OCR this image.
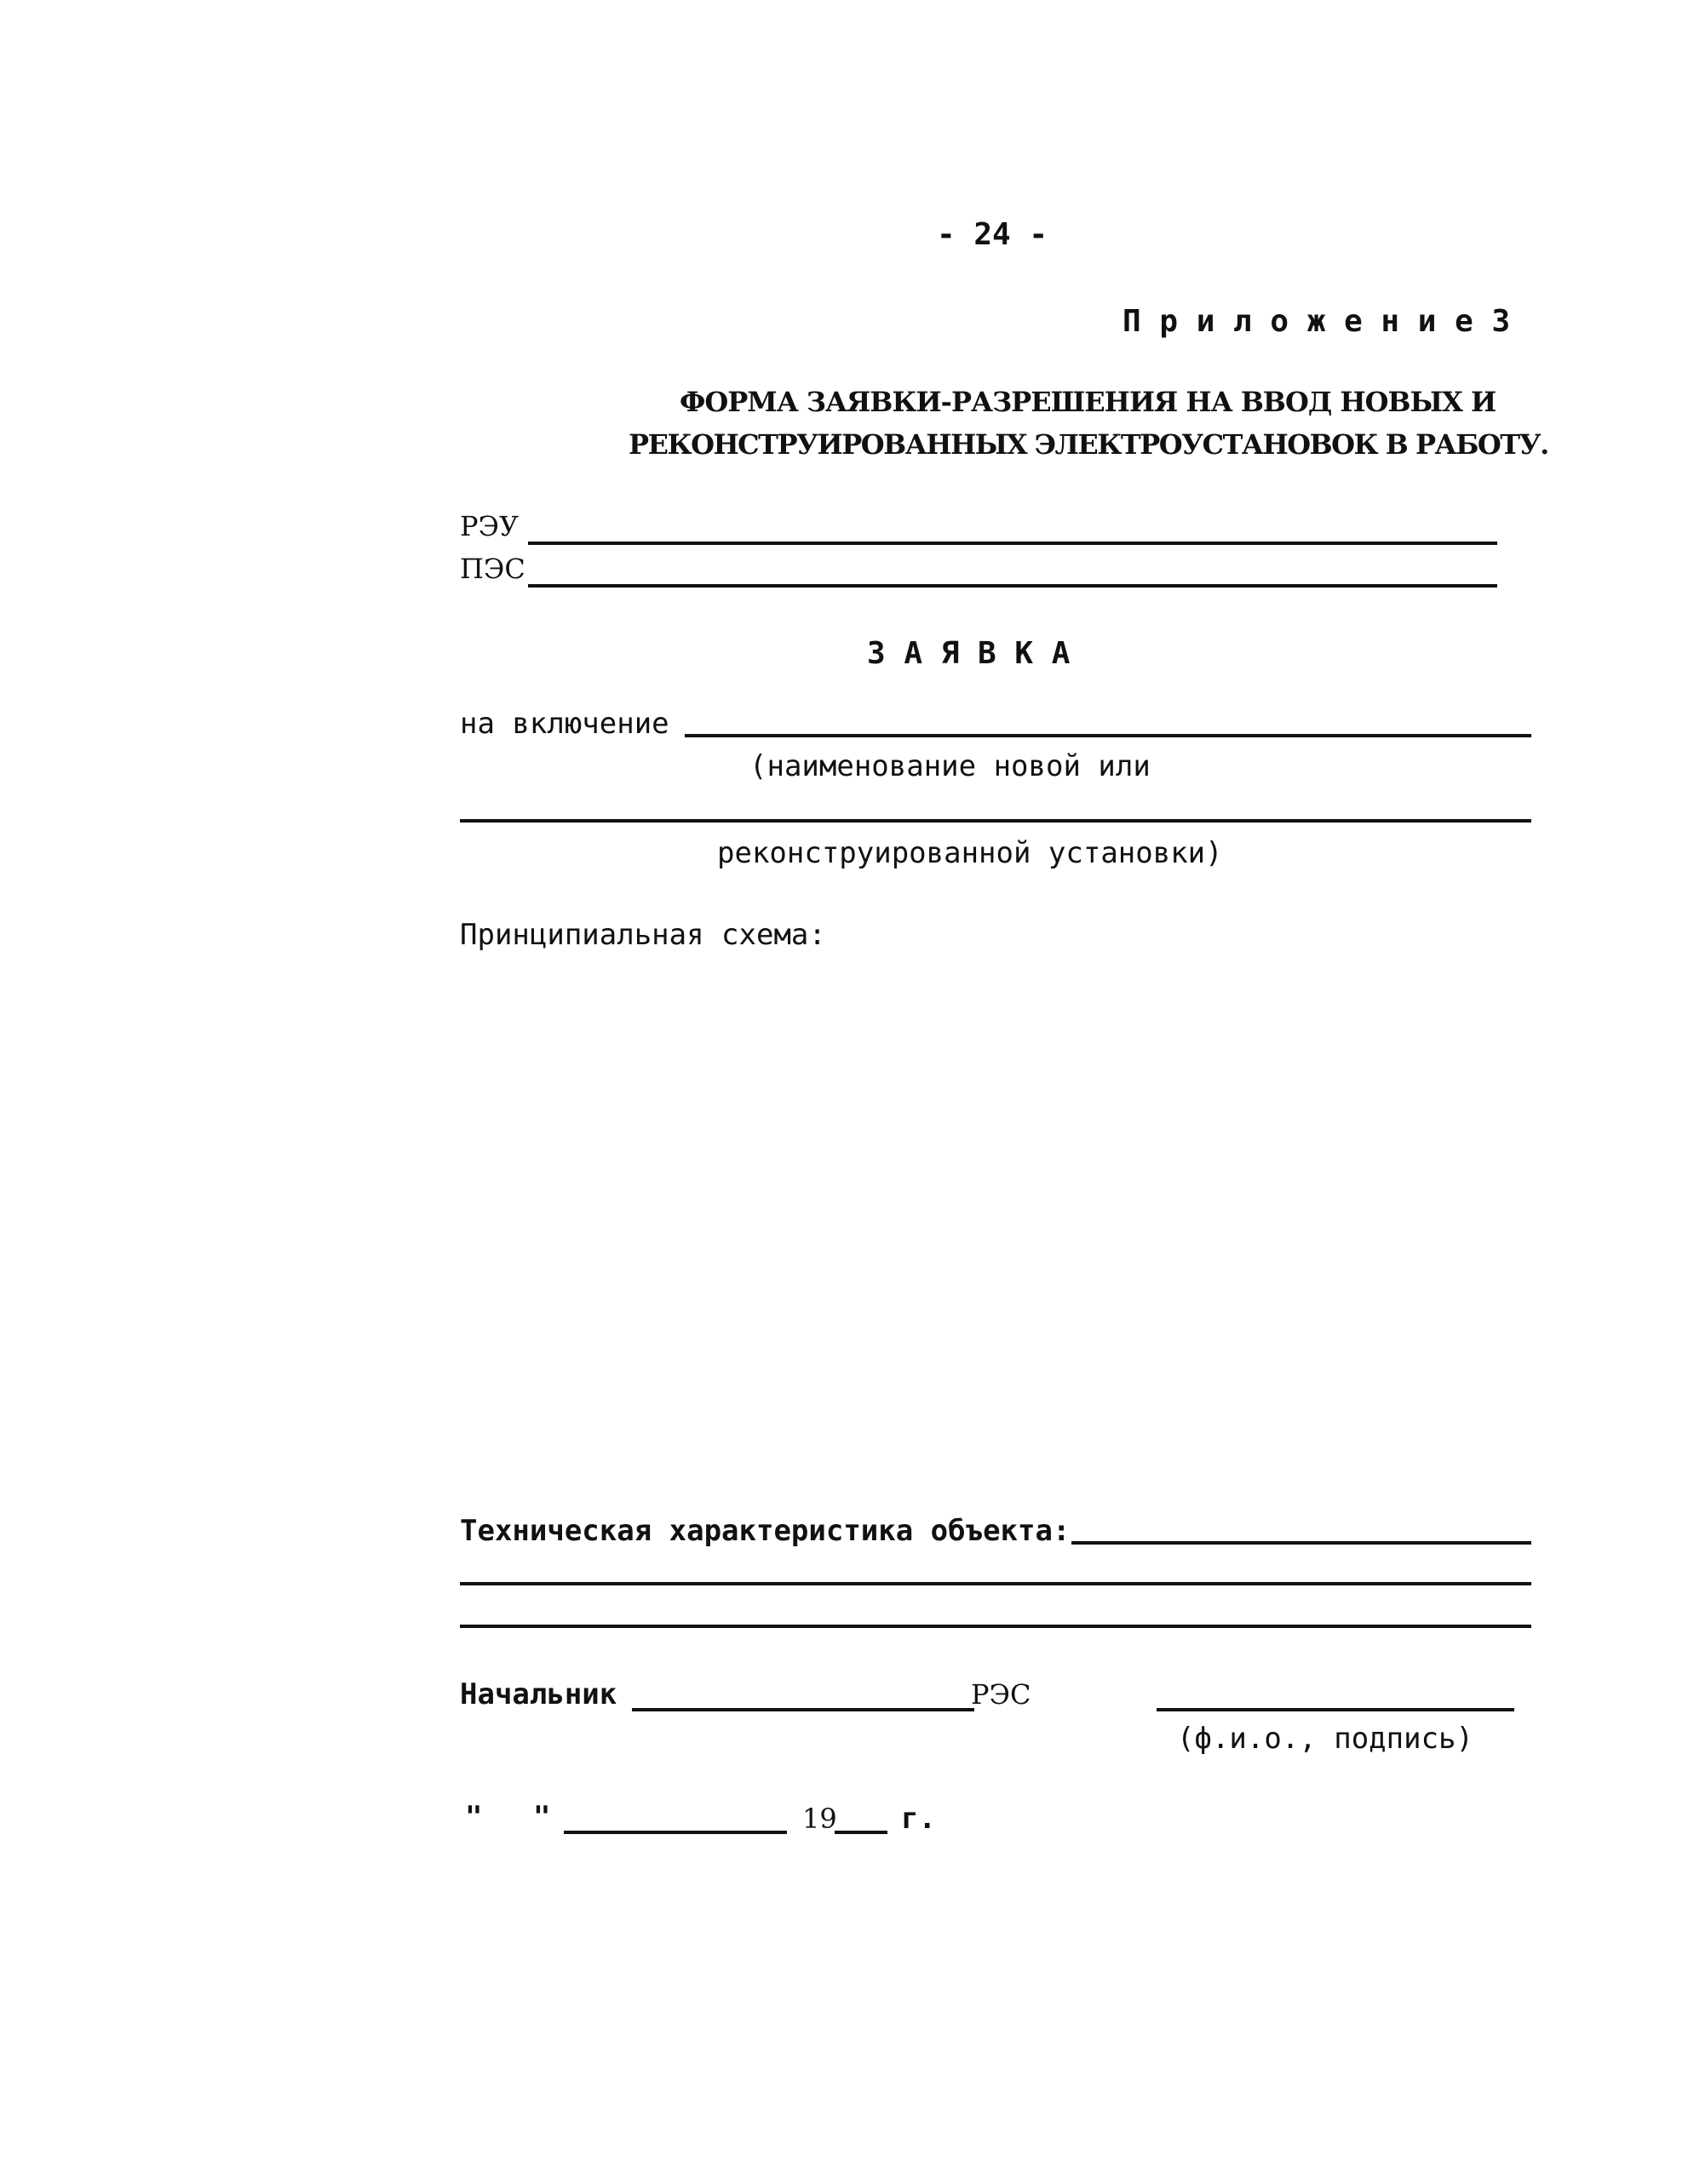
- 24 -
П р и л о ж е н и е 3
ФОРМА ЗАЯВКИ-РАЗРЕШЕНИЯ НА ВВОД НОВЫХ И
РЕКОНСТРУИРОВАННЫХ ЭЛЕКТРОУСТАНОВОК В РАБОТУ.
РЭУ
ПЭС
З А Я В К А
на включение
(наименование новой или
реконструированной установки)
Принципиальная схема:
Техническая характеристика объекта:
Начальник	РЭС
(ф.и.о., подпись)
" "	19 г.
